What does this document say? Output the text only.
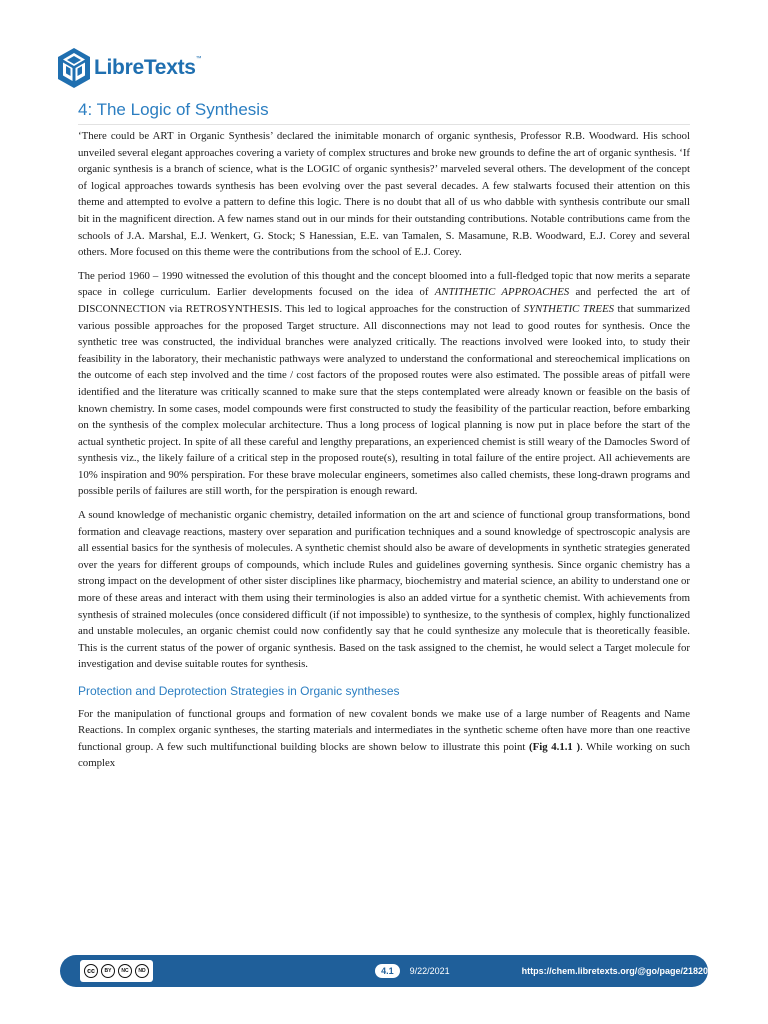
LibreTexts™
4: The Logic of Synthesis

‘There could be ART in Organic Synthesis’ declared the inimitable monarch of organic synthesis, Professor R.B. Woodward. His school unveiled several elegant approaches covering a variety of complex structures and broke new grounds to define the art of organic synthesis. ‘If organic synthesis is a branch of science, what is the LOGIC of organic synthesis?’ marveled several others. The development of the concept of logical approaches towards synthesis has been evolving over the past several decades. A few stalwarts focused their attention on this theme and attempted to evolve a pattern to define this logic. There is no doubt that all of us who dabble with synthesis contribute our small bit in the magnificent direction. A few names stand out in our minds for their outstanding contributions. Notable contributions came from the schools of J.A. Marshal, E.J. Wenkert, G. Stock; S Hanessian, E.E. van Tamalen, S. Masamune, R.B. Woodward, E.J. Corey and several others. More focused on this theme were the contributions from the school of E.J. Corey.

The period 1960 – 1990 witnessed the evolution of this thought and the concept bloomed into a full-fledged topic that now merits a separate space in college curriculum. Earlier developments focused on the idea of ANTITHETIC APPROACHES and perfected the art of DISCONNECTION via RETROSYNTHESIS. This led to logical approaches for the construction of SYNTHETIC TREES that summarized various possible approaches for the proposed Target structure. All disconnections may not lead to good routes for synthesis. Once the synthetic tree was constructed, the individual branches were analyzed critically. The reactions involved were looked into, to study their feasibility in the laboratory, their mechanistic pathways were analyzed to understand the conformational and stereochemical implications on the outcome of each step involved and the time / cost factors of the proposed routes were also estimated. The possible areas of pitfall were identified and the literature was critically scanned to make sure that the steps contemplated were already known or feasible on the basis of known chemistry. In some cases, model compounds were first constructed to study the feasibility of the particular reaction, before embarking on the synthesis of the complex molecular architecture. Thus a long process of logical planning is now put in place before the start of the actual synthetic project. In spite of all these careful and lengthy preparations, an experienced chemist is still weary of the Damocles Sword of synthesis viz., the likely failure of a critical step in the proposed route(s), resulting in total failure of the entire project. All achievements are 10% inspiration and 90% perspiration. For these brave molecular engineers, sometimes also called chemists, these long-drawn programs and possible perils of failures are still worth, for the perspiration is enough reward.

A sound knowledge of mechanistic organic chemistry, detailed information on the art and science of functional group transformations, bond formation and cleavage reactions, mastery over separation and purification techniques and a sound knowledge of spectroscopic analysis are all essential basics for the synthesis of molecules. A synthetic chemist should also be aware of developments in synthetic strategies generated over the years for different groups of compounds, which include Rules and guidelines governing synthesis. Since organic chemistry has a strong impact on the development of other sister disciplines like pharmacy, biochemistry and material science, an ability to understand one or more of these areas and interact with them using their terminologies is also an added virtue for a synthetic chemist. With achievements from synthesis of strained molecules (once considered difficult (if not impossible) to synthesize, to the synthesis of complex, highly functionalized and unstable molecules, an organic chemist could now confidently say that he could synthesize any molecule that is theoretically feasible. This is the current status of the power of organic synthesis. Based on the task assigned to the chemist, he would select a Target molecule for investigation and devise suitable routes for synthesis.

Protection and Deprotection Strategies in Organic syntheses

For the manipulation of functional groups and formation of new covalent bonds we make use of a large number of Reagents and Name Reactions. In complex organic syntheses, the starting materials and intermediates in the synthetic scheme often have more than one reactive functional group. A few such multifunctional building blocks are shown below to illustrate this point (Fig 4.1.1 ). While working on such complex

cc	BY	NC	ND	4.1	9/22/2021	https://chem.libretexts.org/@go/page/21820
